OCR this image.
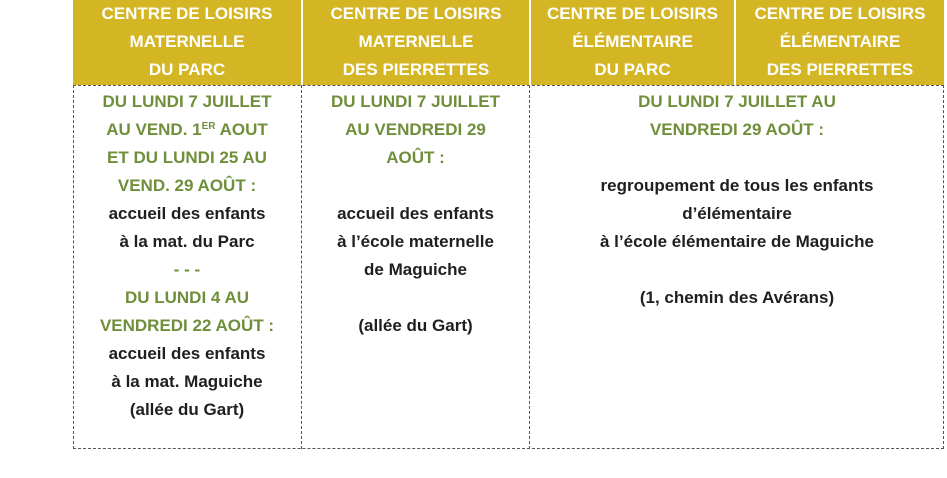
CENTRE DE LOISIRS
MATERNELLE
DU PARC
CENTRE DE LOISIRS
MATERNELLE
DES PIERRETTES
CENTRE DE LOISIRS
ÉLÉMENTAIRE
DU PARC
CENTRE DE LOISIRS
ÉLÉMENTAIRE
DES PIERRETTES
DU LUNDI 7 JUILLET
AU VEND. 1ER AOUT
ET DU LUNDI 25 AU
VEND. 29 AOÛT :
accueil des enfants
à la mat. du Parc
- - -
DU LUNDI 4 AU
VENDREDI 22 AOÛT :
accueil des enfants
à la mat. Maguiche
(allée du Gart)
DU LUNDI 7 JUILLET
AU VENDREDI 29
AOÛT :
accueil des enfants
à l’école maternelle
de Maguiche
(allée du Gart)
DU LUNDI 7 JUILLET AU
VENDREDI 29 AOÛT :
regroupement de tous les enfants
d’élémentaire
à l’école élémentaire de Maguiche
(1, chemin des Avérans)
